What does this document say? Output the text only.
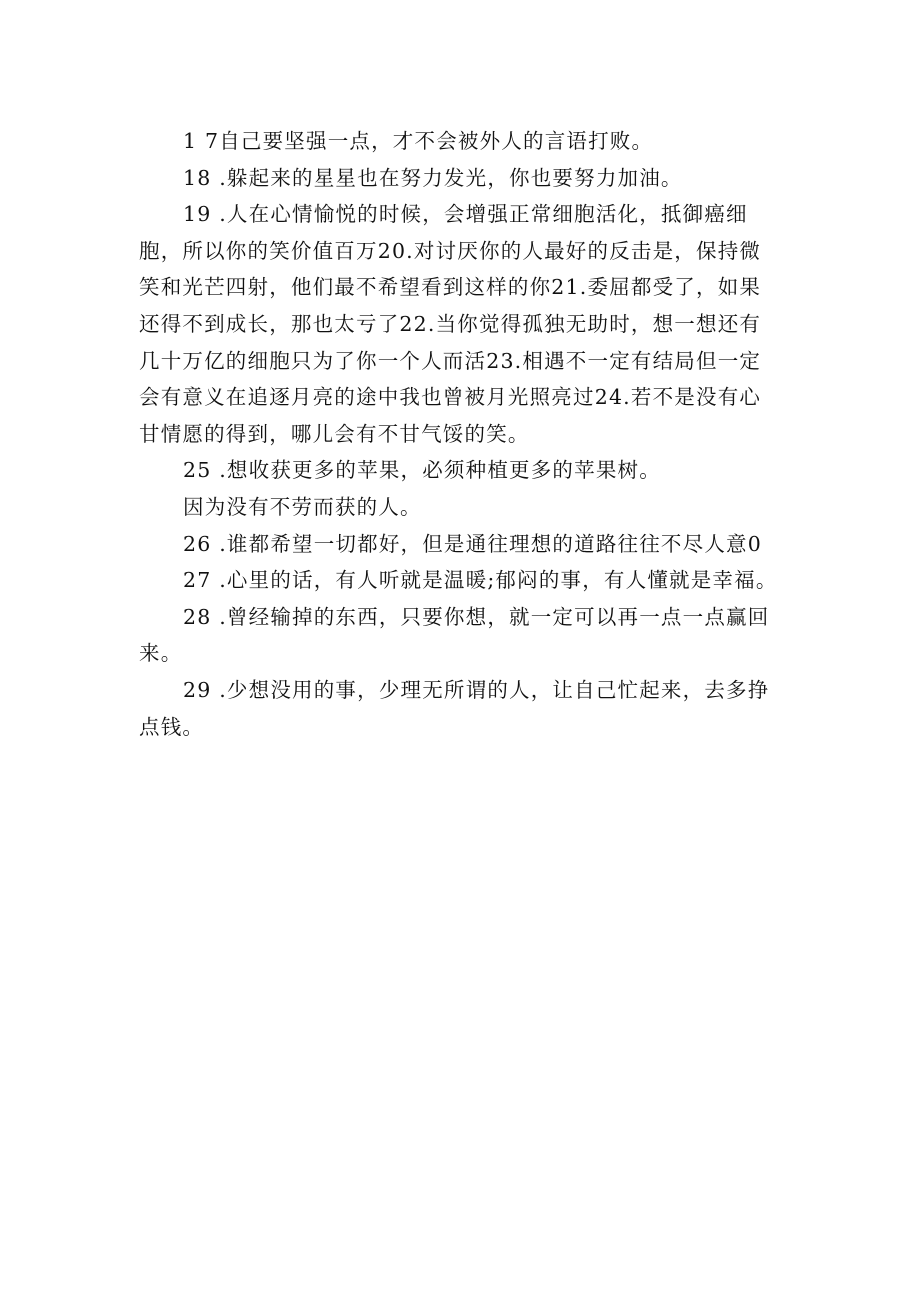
1 7自己要坚强一点，才不会被外人的言语打败。

18 .躲起来的星星也在努力发光，你也要努力加油。

19 .人在心情愉悦的时候，会增强正常细胞活化，抵御癌细胞，所以你的笑价值百万20.对讨厌你的人最好的反击是，保持微笑和光芒四射，他们最不希望看到这样的你21.委屈都受了，如果还得不到成长，那也太亏了22.当你觉得孤独无助时，想一想还有几十万亿的细胞只为了你一个人而活23.相遇不一定有结局但一定会有意义在追逐月亮的途中我也曾被月光照亮过24.若不是没有心甘情愿的得到，哪儿会有不甘气馁的笑。

25 .想收获更多的苹果，必须种植更多的苹果树。

因为没有不劳而获的人。

26 .谁都希望一切都好，但是通往理想的道路往往不尽人意0

27 .心里的话，有人听就是温暖;郁闷的事，有人懂就是幸福。

28 .曾经输掉的东西，只要你想，就一定可以再一点一点赢回来。

29 .少想没用的事，少理无所谓的人，让自己忙起来，去多挣点钱。
